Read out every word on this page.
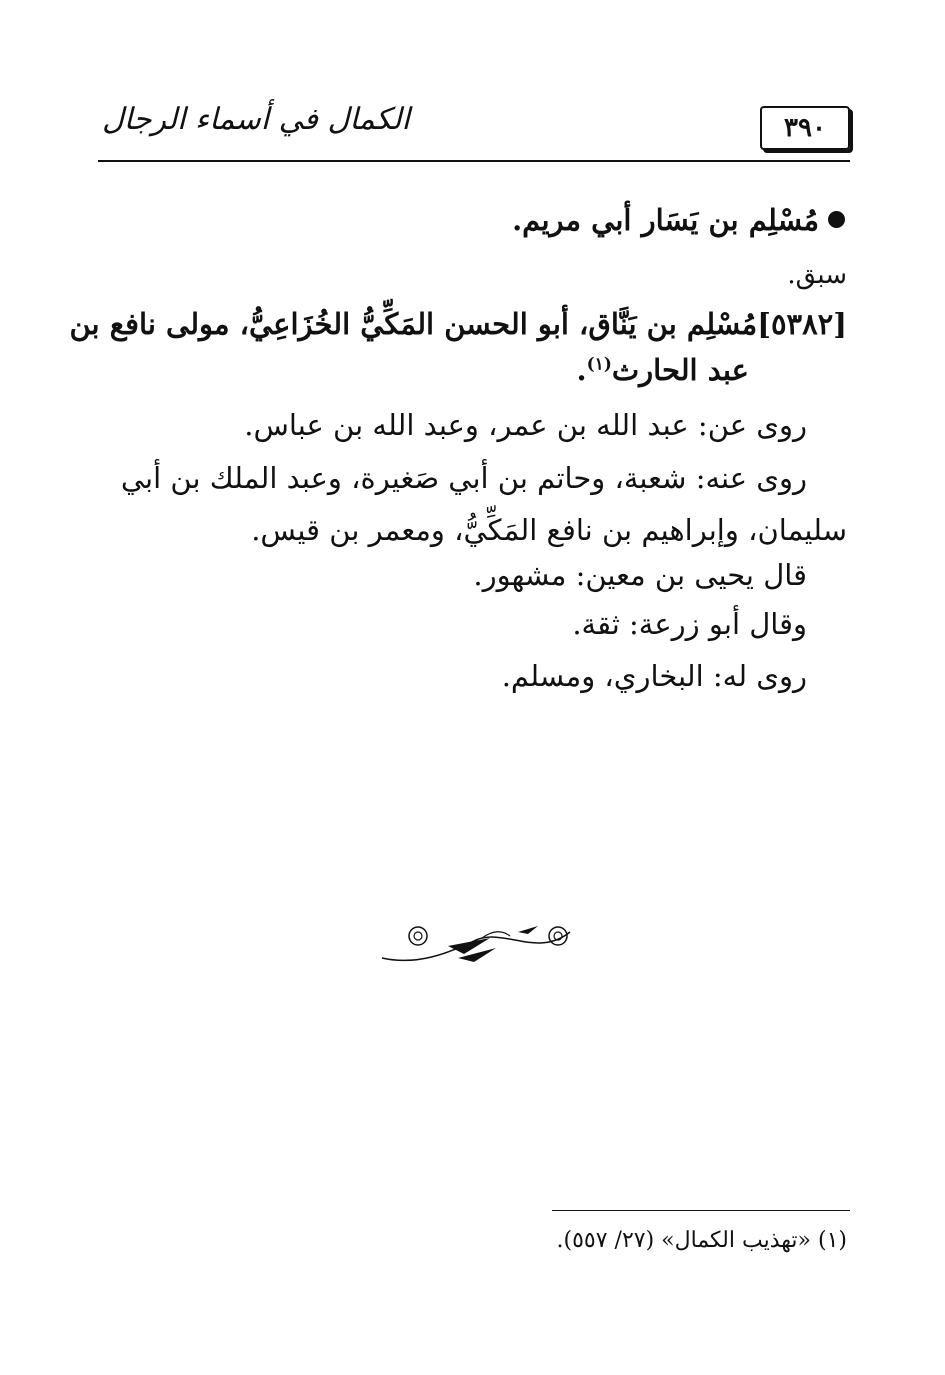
٣٩٠
الكمال في أسماء الرجال
مُسْلِم بن يَسَار أبي مريم.
سبق.
[٥٣٨٢]مُسْلِم بن يَنَّاق، أبو الحسن المَكِّيُّ الخُزَاعِيُّ، مولى نافع بن
عبد الحارث$^{(١)}$.
روى عن: عبد الله بن عمر، وعبد الله بن عباس.
روى عنه: شعبة، وحاتم بن أبي صَغيرة، وعبد الملك بن أبي
سليمان، وإبراهيم بن نافع المَكِّيُّ، ومعمر بن قيس.
قال يحيى بن معين: مشهور.
وقال أبو زرعة: ثقة.
روى له: البخاري، ومسلم.
(١) «تهذيب الكمال» (٢٧/ ٥٥٧).
